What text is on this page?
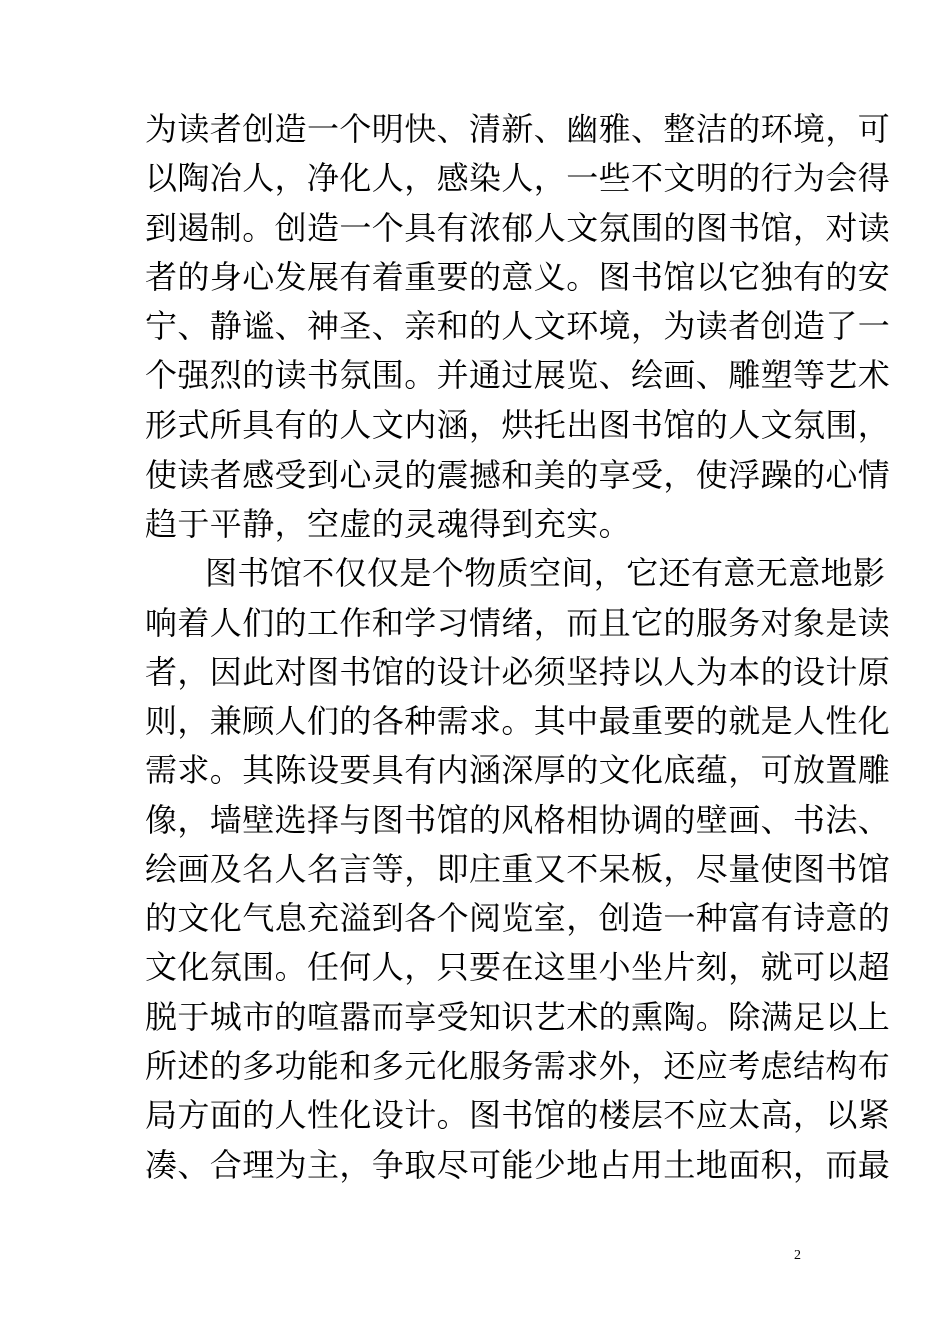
为读者创造一个明快、清新、幽雅、整洁的环境，可
以陶冶人，净化人，感染人，一些不文明的行为会得
到遏制。创造一个具有浓郁人文氛围的图书馆，对读
者的身心发展有着重要的意义。图书馆以它独有的安
宁、静谧、神圣、亲和的人文环境，为读者创造了一
个强烈的读书氛围。并通过展览、绘画、雕塑等艺术
形式所具有的人文内涵，烘托出图书馆的人文氛围，
使读者感受到心灵的震撼和美的享受，使浮躁的心情
趋于平静，空虚的灵魂得到充实。
图书馆不仅仅是个物质空间，它还有意无意地影
响着人们的工作和学习情绪，而且它的服务对象是读
者，因此对图书馆的设计必须坚持以人为本的设计原
则，兼顾人们的各种需求。其中最重要的就是人性化
需求。其陈设要具有内涵深厚的文化底蕴，可放置雕
像，墙壁选择与图书馆的风格相协调的壁画、书法、
绘画及名人名言等，即庄重又不呆板，尽量使图书馆
的文化气息充溢到各个阅览室，创造一种富有诗意的
文化氛围。任何人，只要在这里小坐片刻，就可以超
脱于城市的喧嚣而享受知识艺术的熏陶。除满足以上
所述的多功能和多元化服务需求外，还应考虑结构布
局方面的人性化设计。图书馆的楼层不应太高，以紧
凑、合理为主，争取尽可能少地占用土地面积，而最
2
